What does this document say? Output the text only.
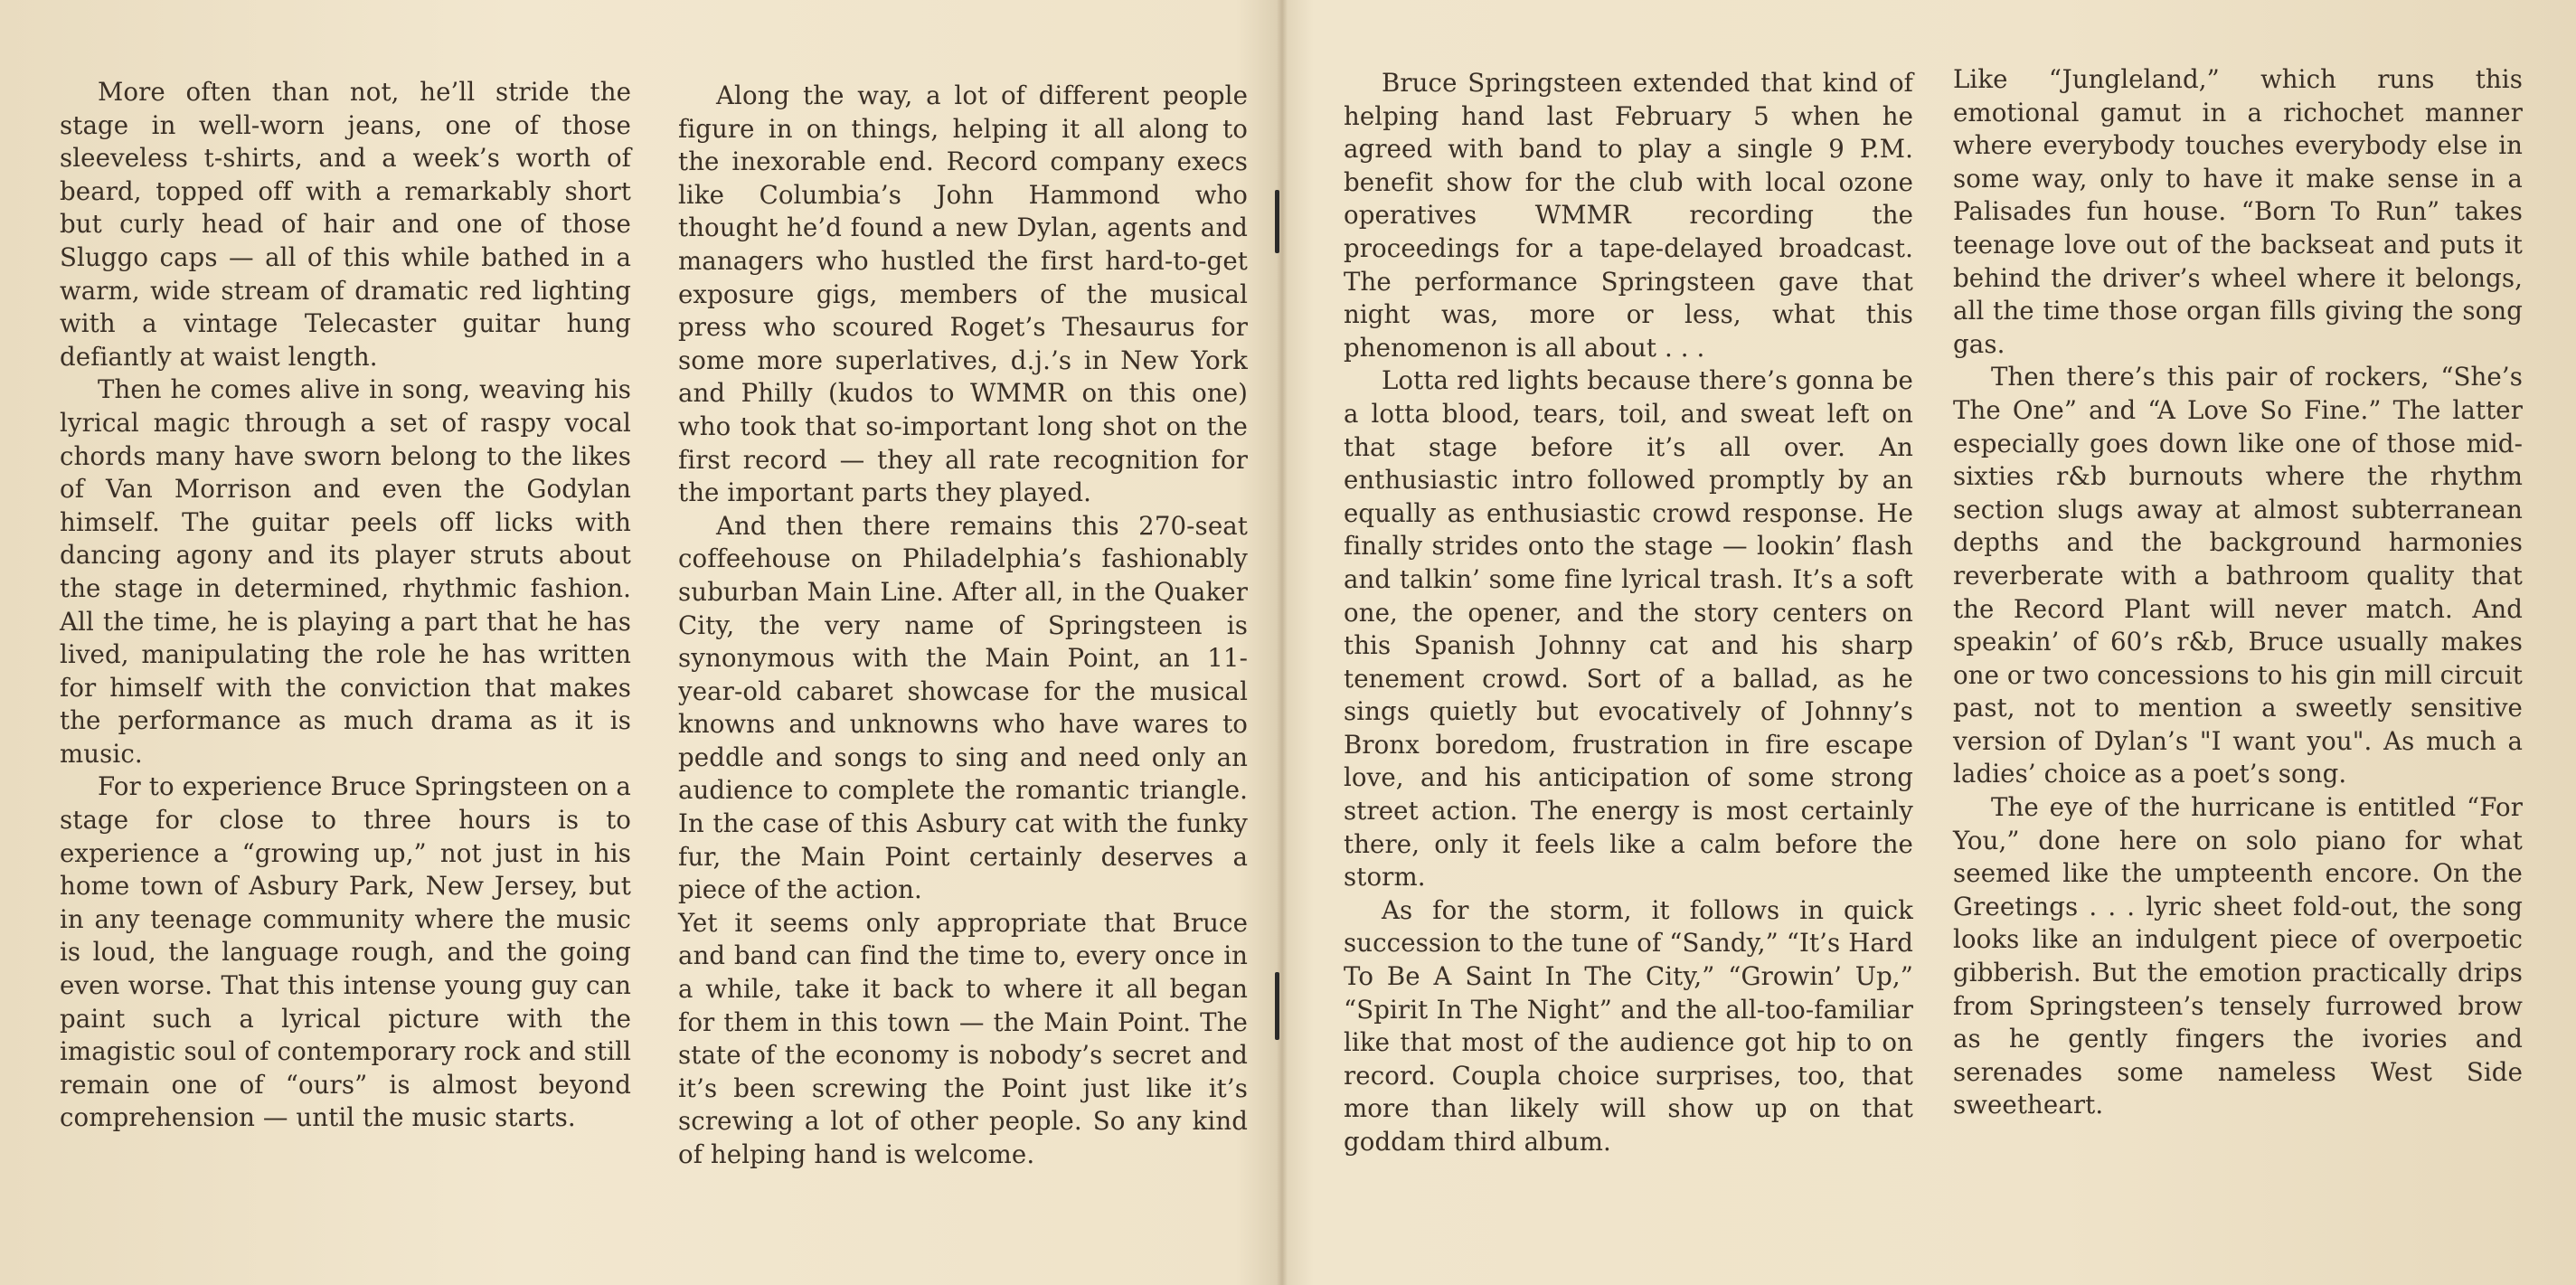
More often than not, he’ll stride the stage in well-worn jeans, one of those sleeveless t-shirts, and a week’s worth of beard, topped off with a remarkably short but curly head of hair and one of those Sluggo caps — all of this while bathed in a warm, wide stream of dramatic red lighting with a vintage Telecaster guitar hung defiantly at waist length.

Then he comes alive in song, weaving his lyrical magic through a set of raspy vocal chords many have sworn belong to the likes of Van Morrison and even the Godylan himself. The guitar peels off licks with dancing agony and its player struts about the stage in determined, rhythmic fashion. All the time, he is playing a part that he has lived, manipulating the role he has written for himself with the conviction that makes the performance as much drama as it is music.

For to experience Bruce Springsteen on a stage for close to three hours is to experience a “growing up,” not just in his home town of Asbury Park, New Jersey, but in any teenage community where the music is loud, the language rough, and the going even worse. That this intense young guy can paint such a lyrical picture with the imagistic soul of contemporary rock and still remain one of “ours” is almost beyond comprehension — until the music starts.

Along the way, a lot of different people figure in on things, helping it all along to the inexorable end. Record company execs like Columbia’s John Hammond who thought he’d found a new Dylan, agents and managers who hustled the first hard-to-get exposure gigs, members of the musical press who scoured Roget’s Thesaurus for some more superlatives, d.j.’s in New York and Philly (kudos to WMMR on this one) who took that so-important long shot on the first record — they all rate recognition for the important parts they played.

And then there remains this 270-seat coffeehouse on Philadelphia’s fashionably suburban Main Line. After all, in the Quaker City, the very name of Springsteen is synonymous with the Main Point, an 11-year-old cabaret showcase for the musical knowns and unknowns who have wares to peddle and songs to sing and need only an audience to complete the romantic triangle. In the case of this Asbury cat with the funky fur, the Main Point certainly deserves a piece of the action.

Yet it seems only appropriate that Bruce and band can find the time to, every once in a while, take it back to where it all began for them in this town — the Main Point. The state of the economy is nobody’s secret and it’s been screwing the Point just like it’s screwing a lot of other people. So any kind of helping hand is welcome.

Bruce Springsteen extended that kind of helping hand last February 5 when he agreed with band to play a single 9 P.M. benefit show for the club with local ozone operatives WMMR recording the proceedings for a tape-delayed broadcast. The performance Springsteen gave that night was, more or less, what this phenomenon is all about . . .

Lotta red lights because there’s gonna be a lotta blood, tears, toil, and sweat left on that stage before it’s all over. An enthusiastic intro followed promptly by an equally as enthusiastic crowd response. He finally strides onto the stage — lookin’ flash and talkin’ some fine lyrical trash. It’s a soft one, the opener, and the story centers on this Spanish Johnny cat and his sharp tenement crowd. Sort of a ballad, as he sings quietly but evocatively of Johnny’s Bronx boredom, frustration in fire escape love, and his anticipation of some strong street action. The energy is most certainly there, only it feels like a calm before the storm.

As for the storm, it follows in quick succession to the tune of “Sandy,” “It’s Hard To Be A Saint In The City,” “Growin’ Up,” “Spirit In The Night” and the all-too-familiar like that most of the audience got hip to on record. Coupla choice surprises, too, that more than likely will show up on that goddam third album.

Like “Jungleland,” which runs this emotional gamut in a richochet manner where everybody touches everybody else in some way, only to have it make sense in a Palisades fun house. “Born To Run” takes teenage love out of the backseat and puts it behind the driver’s wheel where it belongs, all the time those organ fills giving the song gas.

Then there’s this pair of rockers, “She’s The One” and “A Love So Fine.” The latter especially goes down like one of those mid-sixties r&b burnouts where the rhythm section slugs away at almost subterranean depths and the background harmonies reverberate with a bathroom quality that the Record Plant will never match. And speakin’ of 60’s r&b, Bruce usually makes one or two concessions to his gin mill circuit past, not to mention a sweetly sensitive version of Dylan’s "I want you". As much a ladies’ choice as a poet’s song.

The eye of the hurricane is entitled “For You,” done here on solo piano for what seemed like the umpteenth encore. On the Greetings . . . lyric sheet fold-out, the song looks like an indulgent piece of overpoetic gibberish. But the emotion practically drips from Springsteen’s tensely furrowed brow as he gently fingers the ivories and serenades some nameless West Side sweetheart.
